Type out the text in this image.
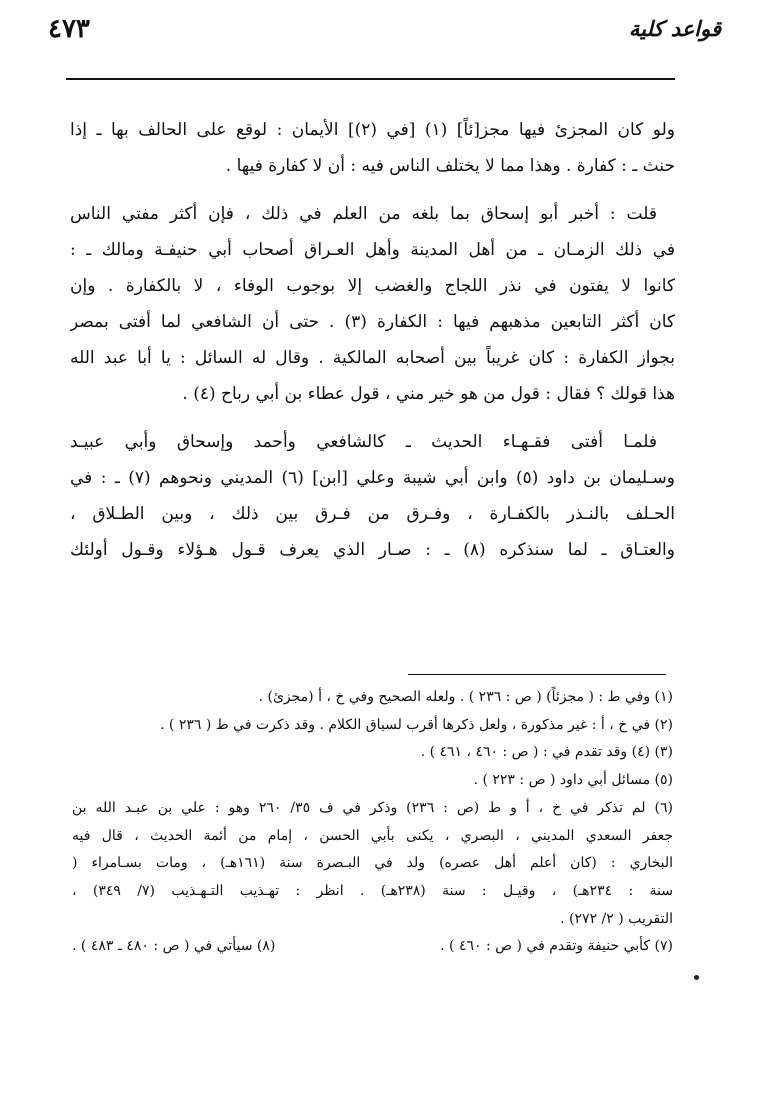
٤٧٣	قواعد كلية

ولو كان المجزئ فيها مجز[ئاً] (١) [في (٢)] الأيمان : لوقع على الحالف بها ـ إذا
حنث ـ : كفارة . وهذا مما لا يختلف الناس فيه : أن لا كفارة فيها .

قلت : أخبر أبو إسحاق بما بلغه من العلم في ذلك ، فإن أكثر مفتي الناس
في ذلك الزمـان ـ من أهل المدينة وأهل العـراق أصحاب أبي حنيفـة ومالك ـ :
كانوا لا يفتون في نذر اللجاج والغضب إلا بوجوب الوفاء ، لا بالكفارة . وإن
كان أكثر التابعين مذهبهم فيها : الكفارة (٣) . حتى أن الشافعي لما أفتى بمصر
بجواز الكفارة : كان غريباً بين أصحابه المالكية . وقال له السائل : يا أبا عبد الله
هذا قولك ؟ فقال : قول من هو خير مني ، قول عطاء بن أبي رباح (٤) .

فلمـا أفتى فقـهـاء الحديث ـ كالشافعي وأحمد وإسحاق وأبي عبيـد
وسـليمان بن داود (٥) وابن أبي شيبة وعلي [ابن] (٦) المديني ونحوهم (٧) ـ : في
الحـلف بالنـذر بالكفـارة ، وفـرق من فـرق بين ذلك ، وبين الطـلاق ،
والعتـاق ـ لما سنذكره (٨) ـ : صـار الذي يعرف قـول هـؤلاء وقـول أولئك

(١) وفي ط : ( مجزئاً) ( ص : ٢٣٦ ) . ولعله الصحيح وفي خ ، أ (مجزئ) .
(٢) في خ ، أ : غير مذكورة ، ولعل ذكرها أقرب لسياق الكلام . وقد ذكرت في ط ( ٢٣٦ ) .
(٣) (٤) وقد تقدم في : ( ص : ٤٦٠ ، ٤٦١ ) .
(٥) مسائل أبي داود ( ص : ٢٢٣ ) .
(٦) لم تذكر في خ ، أ و ط (ص : ٢٣٦) وذكر في ف ٣٥/ ٢٦٠ وهو : علي بن عبـد الله بن
جعفر السعدي المديني ، البصري ، يكنى بأبي الحسن ، إمام من أئمة الحديث ، قال فيه
البخاري : (كان أعلم أهل عصره) ولد في البـصرة سنة (١٦١هـ) ، ومات بسـامراء (
سنة : ٢٣٤هـ) ، وقيـل : سنة (٢٣٨هـ) . انظر : تهـذيب التـهـذيب (٧/ ٣٤٩) ،
التقريب ( ٢/ ٢٧٢) .
(٧) كأبي حنيفة وتقدم في ( ص : ٤٦٠ ) .
(٨) سيأتي في ( ص : ٤٨٠ ـ ٤٨٣ ) .
